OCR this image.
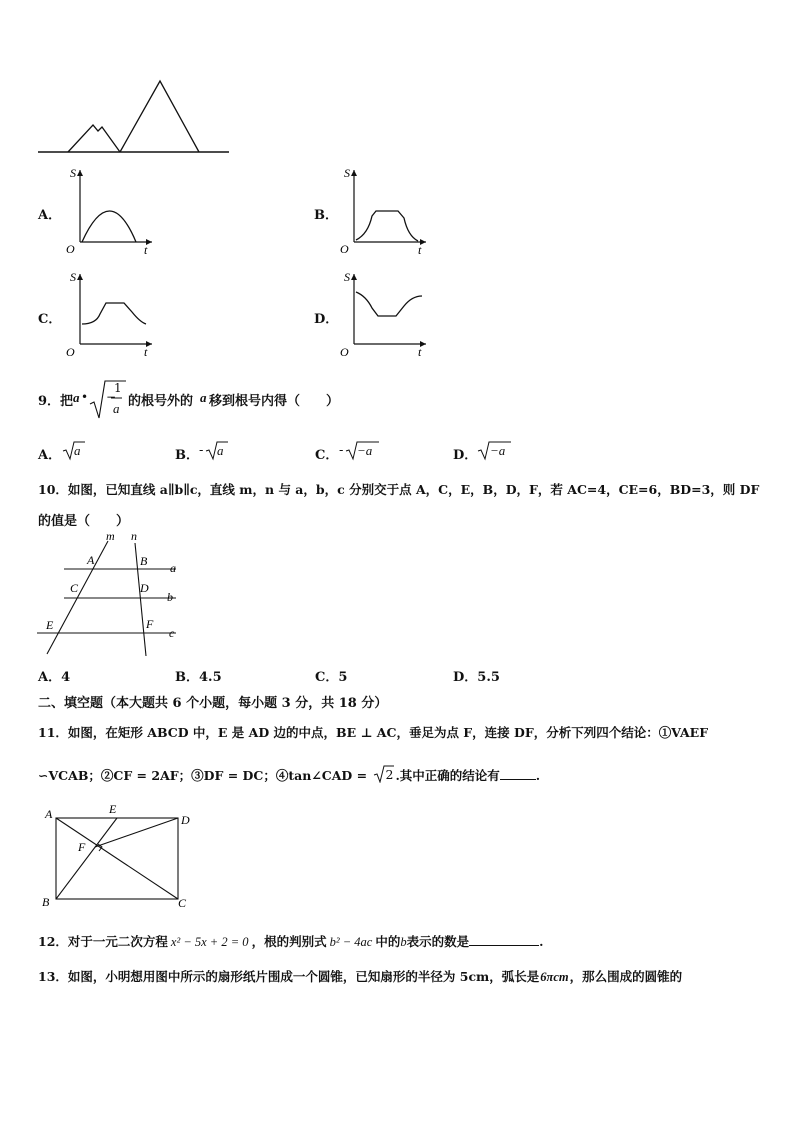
A．
S
O	t
B．
S
O	t
C．
S
O	t
D．
S
O	t
9．把 a • −
1
a 的根号外的 a 移到根号内得（　　）
A． a	B． - a	C． - −a	D． −a
10．如图，已知直线 a∥b∥c，直线 m，n 与 a，b，c 分别交于点 A，C，E，B，D，F，若 AC=4，CE=6，BD=3，则 DF
的值是（　　）
m n
A	B
C	D
E	F
a
b
c
A．4	B．4.5	C．5	D．5.5
二、填空题（本大题共 6 个小题，每小题 3 分，共 18 分）
11．如图，在矩形 ABCD 中，E 是 AD 边的中点，BE ⊥ AC，垂足为点 F，连接 DF，分析下列四个结论：①VAEF
∽VCAB；②CF = 2AF；③DF = DC；④tan∠CAD = 2 .其中正确的结论有	.
A	E
D
F
B	C
12．对于一元二次方程 x² − 5x + 2 = 0 ，根的判别式 b² − 4ac 中的b表示的数是	.
13．如图，小明想用图中所示的扇形纸片围成一个圆锥，已知扇形的半径为 5cm，弧长是6πcm，那么围成的圆锥的
